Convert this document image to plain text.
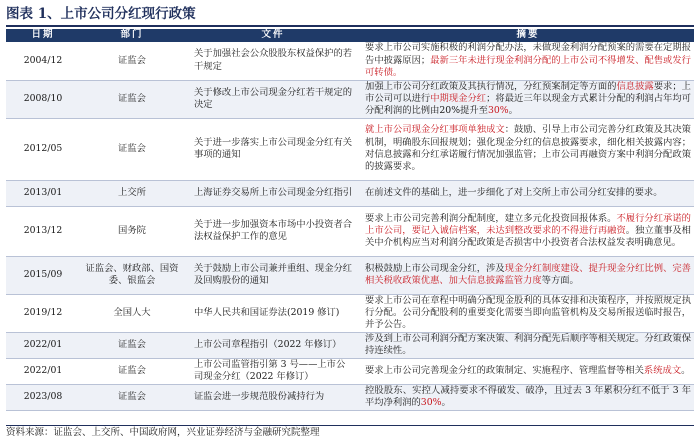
图表 1、上市公司分红现行政策
日期	部门	文件	摘要
2004/12	证监会	关于加强社会公众股股东权益保护的若干规定	要求上市公司实施积极的利润分配办法，未做现金利润分配预案的需要在定期报告中披露原因；最新三年未进行现金利润分配的上市公司不得增发、配售或发行可转债。
2008/10	证监会	关于修改上市公司现金分红若干规定的决定	加强上市公司分红政策及其执行情况，分红预案制定等方面的信息披露要求；上市公司可以进行中期现金分红；将最近三年以现金方式累计分配的利润占年均可分配利润的比例由20%提升至30%。
2012/05	证监会	关于进一步落实上市公司现金分红有关事项的通知	就上市公司现金分红事项单独成文：鼓励、引导上市公司完善分红政策及其决策机制，明确股东回报规划；强化现金分红的信息披露要求，细化相关披露内容；对信息披露和分红承诺履行情况加强监管；上市公司再融资方案中利润分配政策的披露要求。
2013/01	上交所	上海证券交易所上市公司现金分红指引	在前述文件的基础上，进一步细化了对上交所上市公司分红安排的要求。
2013/12	国务院	关于进一步加强资本市场中小投资者合法权益保护工作的意见	要求上市公司完善利润分配制度，建立多元化投资回报体系。不履行分红承诺的上市公司，要记入诚信档案，未达到整改要求的不得进行再融资。独立董事及相关中介机构应当对利润分配政策是否损害中小投资者合法权益发表明确意见。
2015/09	证监会、财政部、国资委、银监会	关于鼓励上市公司兼并重组、现金分红及回购股份的通知	积极鼓励上市公司现金分红，涉及现金分红制度建设、提升现金分红比例、完善相关税收政策优惠、加大信息披露监管力度等方面。
2019/12	全国人大	中华人民共和国证券法(2019 修订)	要求上市公司在章程中明确分配现金股利的具体安排和决策程序，并按照规定执行分配。公司分配股利的重要变化需要当即向监管机构及交易所报送临时报告，并予公告。
2022/01	证监会	上市公司章程指引（2022 年修订）	涉及到上市公司利润分配方案决策、利润分配先后顺序等相关规定。分红政策保持连续性。
2022/01	证监会	上市公司监管指引第 3 号——上市公司现金分红（2022 年修订）	要求上市公司完善现金分红的政策制定、实施程序、管理监督等相关系统成文。
2023/08	证监会	证监会进一步规范股份减持行为	控股股东、实控人减持要求不得破发、破净，且过去 3 年累积分红不低于 3 年平均净利润的30%。
资料来源：证监会、上交所、中国政府网，兴业证券经济与金融研究院整理
